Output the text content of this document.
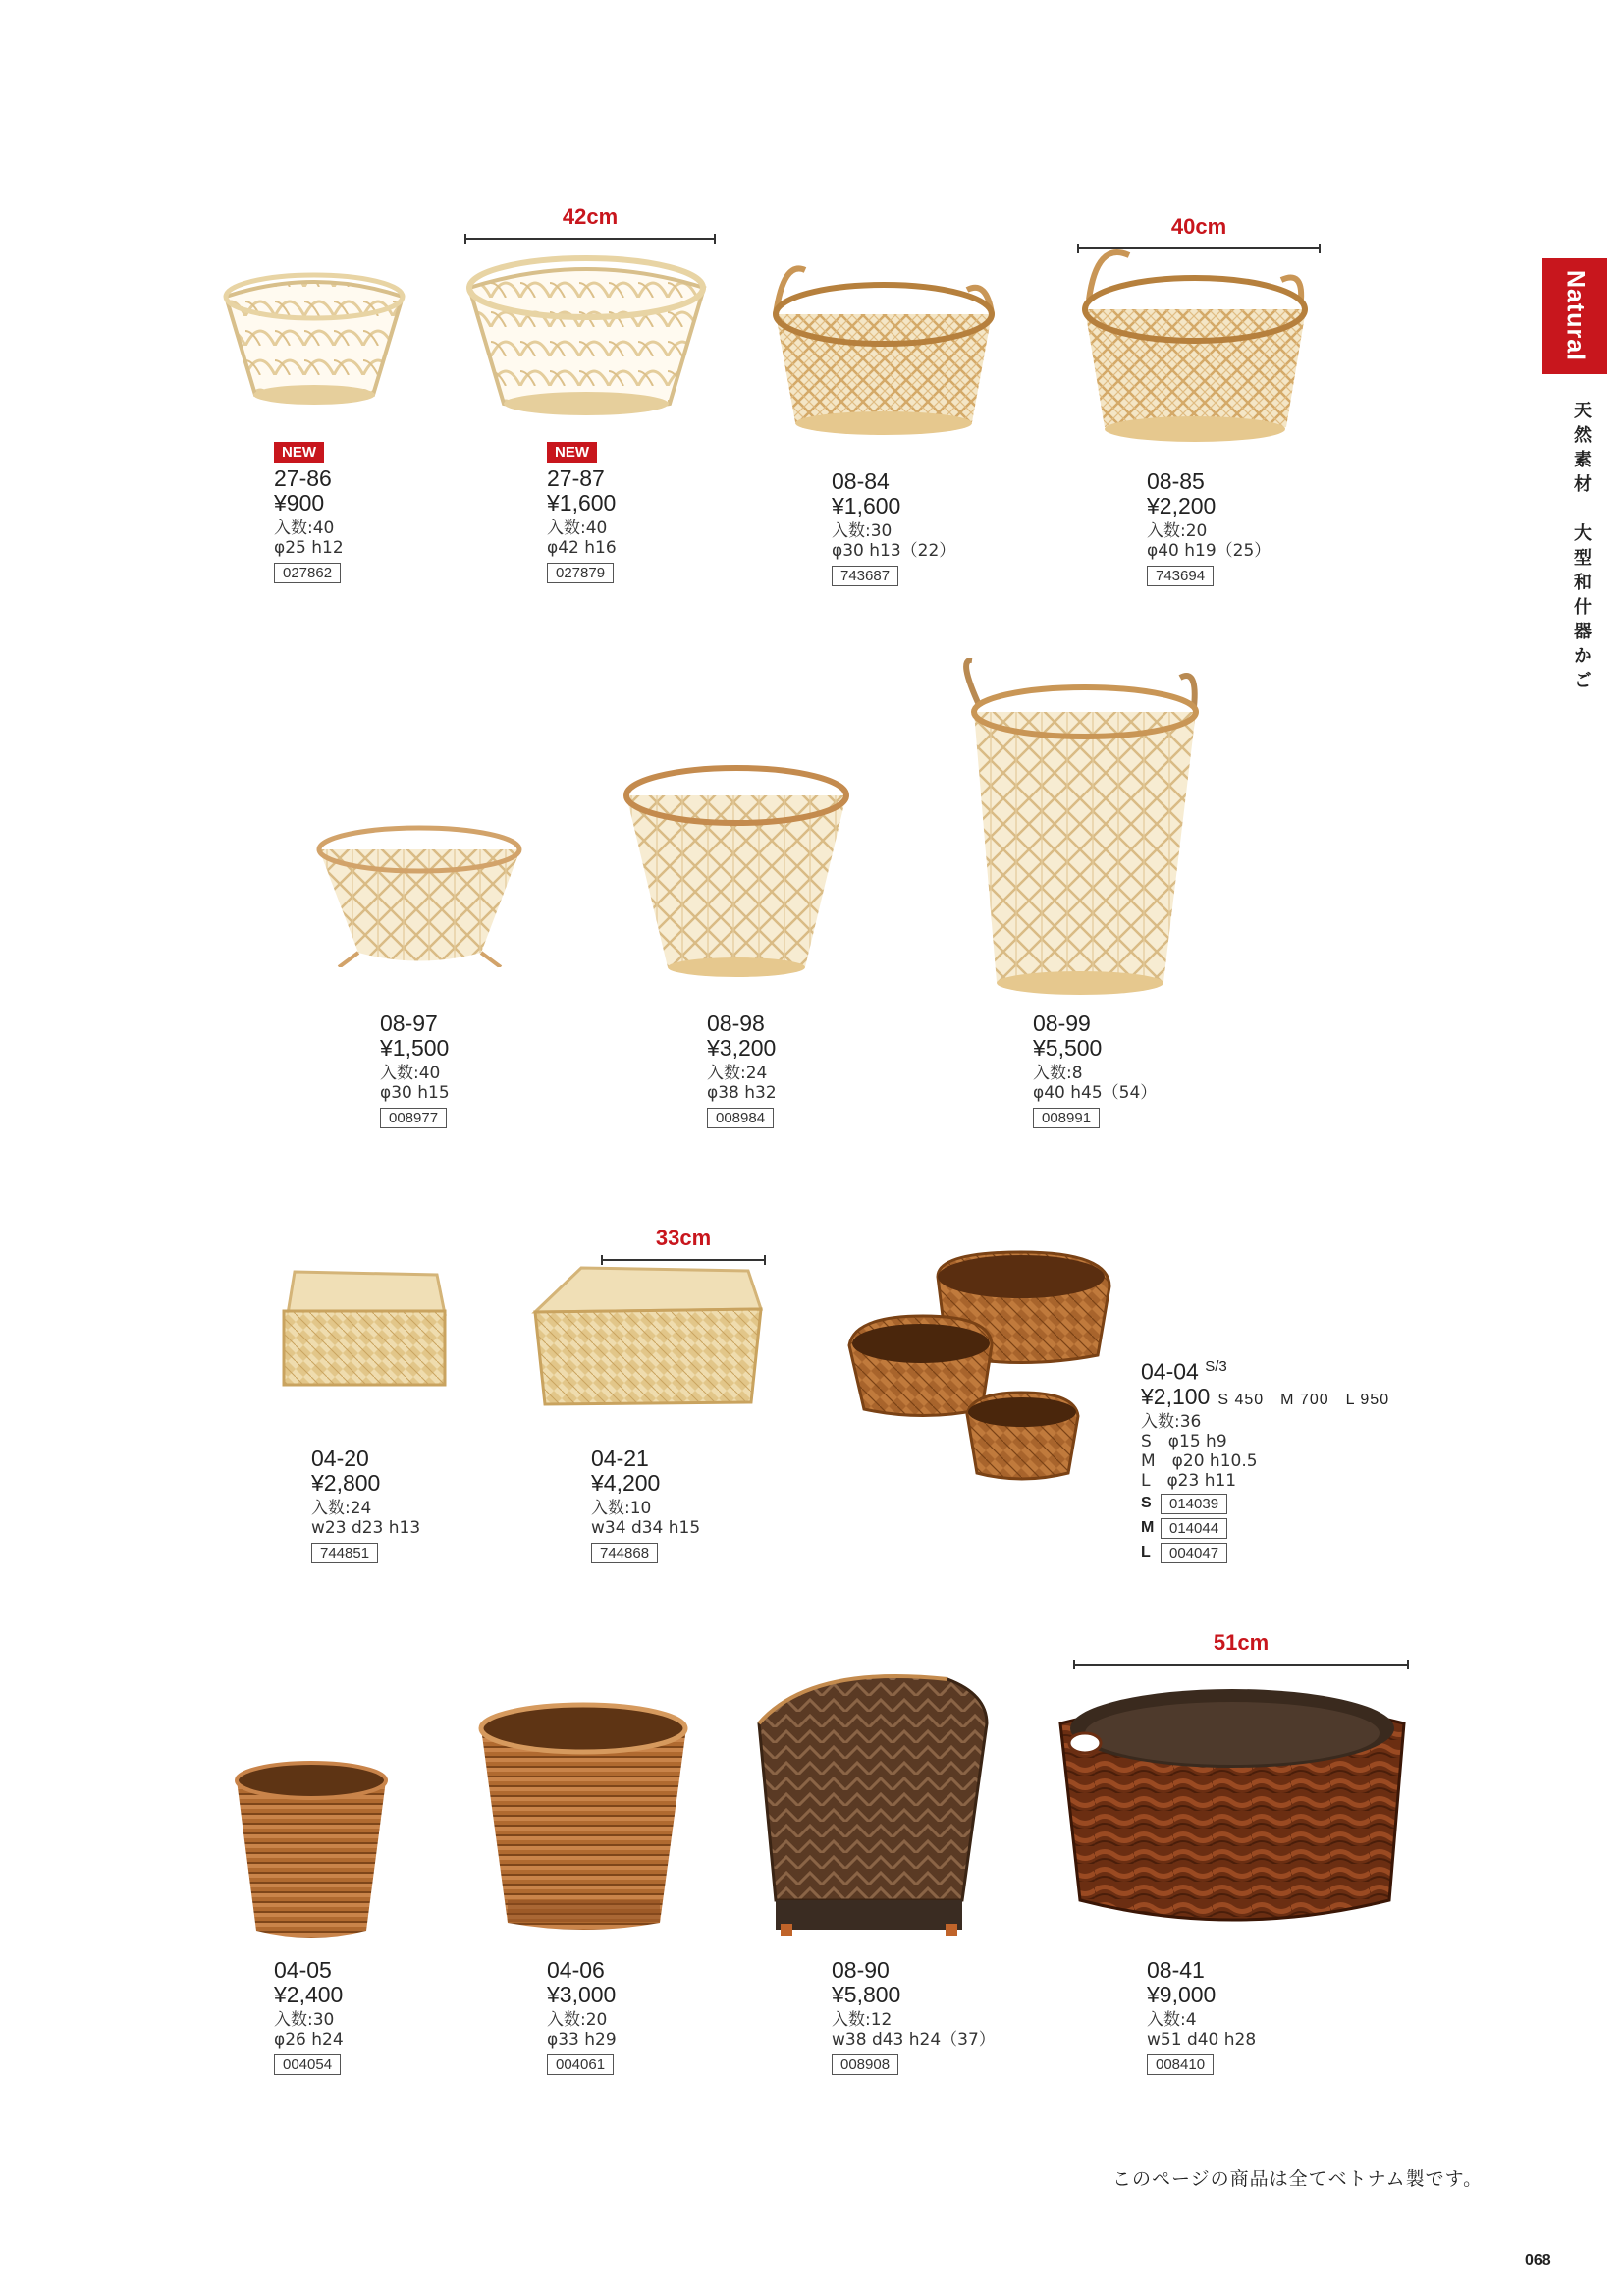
Natural
天然素材　大型和什器かご
42cm	40cm
NEW
27-86
¥900
入数:40
φ25 h12
027862
NEW
27-87
¥1,600
入数:40
φ42 h16
027879
08-84
¥1,600
入数:30
φ30 h13（22）
743687
08-85
¥2,200
入数:20
φ40 h19（25）
743694
08-97
¥1,500
入数:40
φ30 h15
008977
08-98
¥3,200
入数:24
φ38 h32
008984
08-99
¥5,500
入数:8
φ40 h45（54）
008991
33cm
04-20
¥2,800
入数:24
w23 d23 h13
744851
04-21
¥4,200
入数:10
w34 d34 h15
744868
04-04 $^{S/3}$
¥2,100 S 450　M 700　L 950
入数:36
S　φ15 h9
M　φ20 h10.5
L　φ23 h11
S	014039
M	014044
L	004047
51cm
04-05
¥2,400
入数:30
φ26 h24
004054
04-06
¥3,000
入数:20
φ33 h29
004061
08-90
¥5,800
入数:12
w38 d43 h24（37）
008908
08-41
¥9,000
入数:4
w51 d40 h28
008410
このページの商品は全てベトナム製です。
068
